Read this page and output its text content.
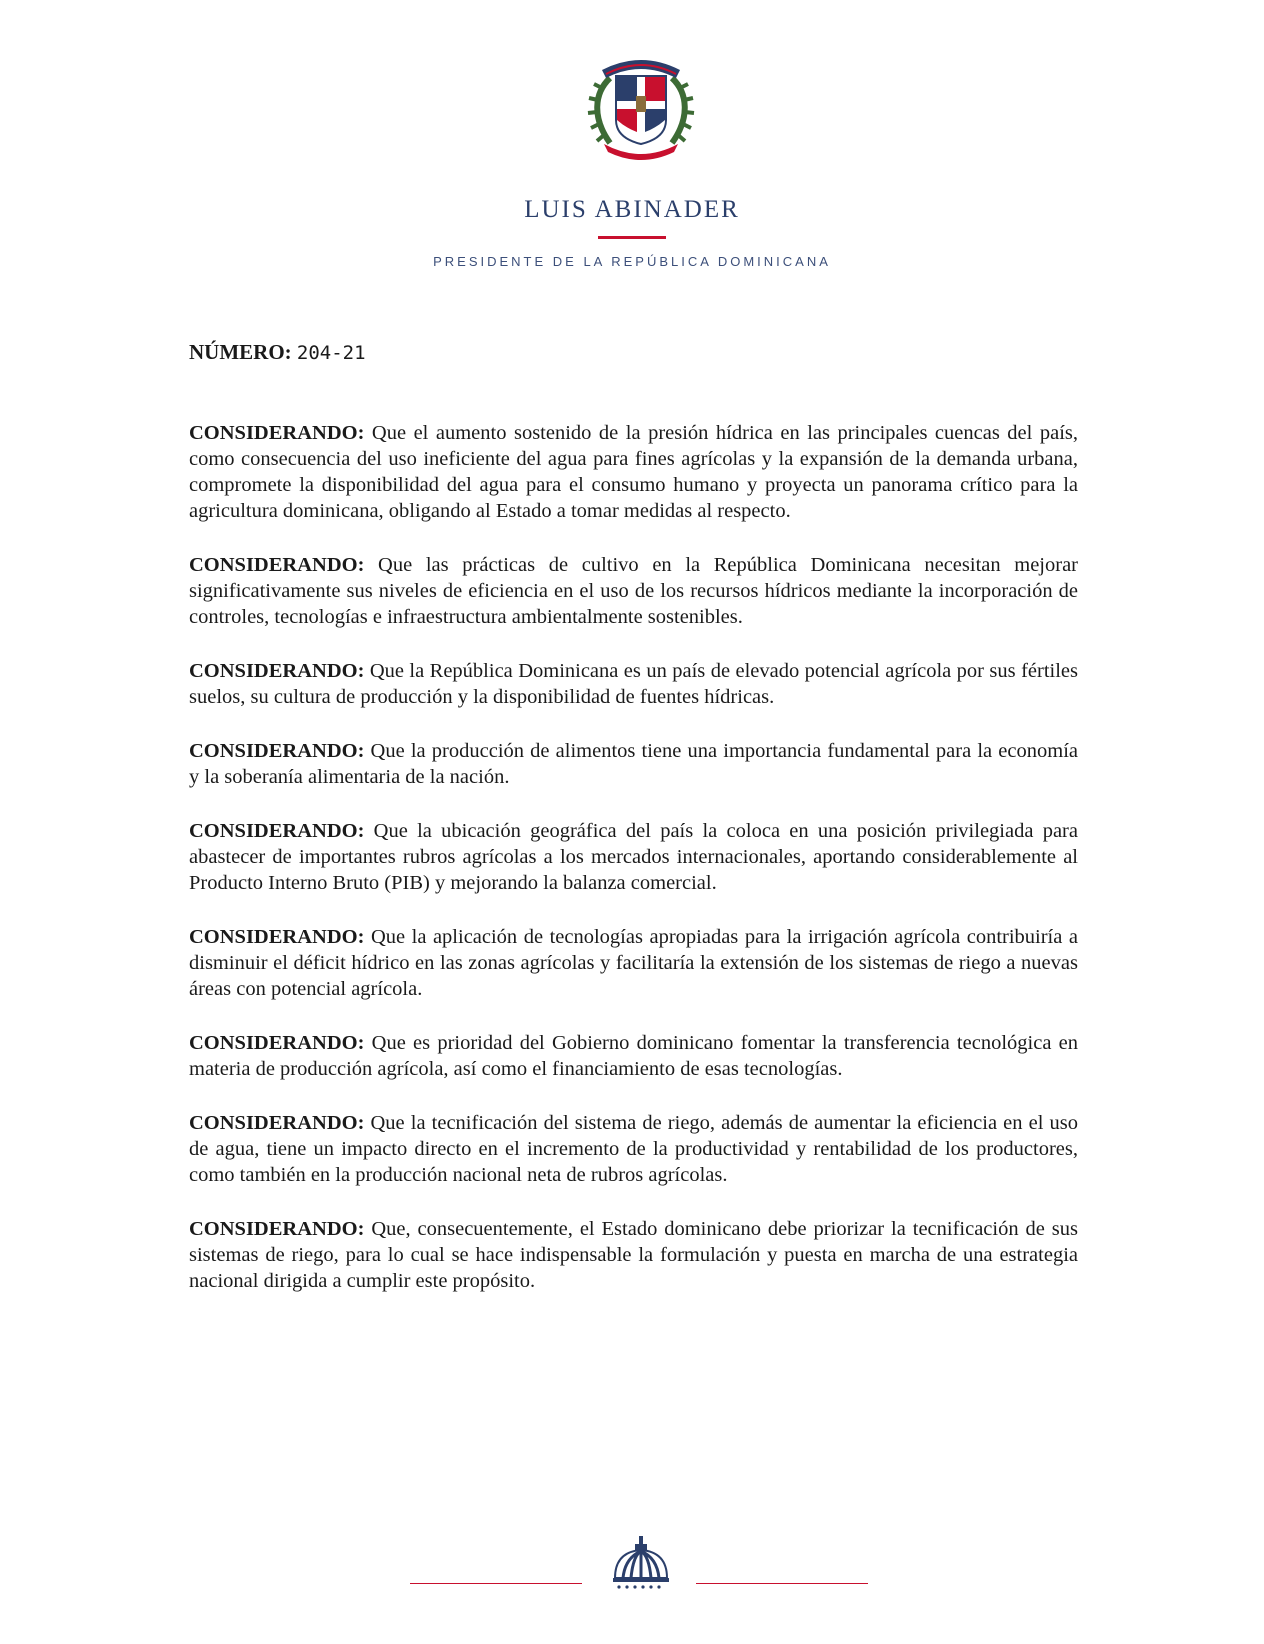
LUIS ABINADER
PRESIDENTE DE LA REPÚBLICA DOMINICANA
NÚMERO: 204-21

CONSIDERANDO: Que el aumento sostenido de la presión hídrica en las principales cuencas del país, como consecuencia del uso ineficiente del agua para fines agrícolas y la expansión de la demanda urbana, compromete la disponibilidad del agua para el consumo humano y proyecta un panorama crítico para la agricultura dominicana, obligando al Estado a tomar medidas al respecto.

CONSIDERANDO: Que las prácticas de cultivo en la República Dominicana necesitan mejorar significativamente sus niveles de eficiencia en el uso de los recursos hídricos mediante la incorporación de controles, tecnologías e infraestructura ambientalmente sostenibles.

CONSIDERANDO: Que la República Dominicana es un país de elevado potencial agrícola por sus fértiles suelos, su cultura de producción y la disponibilidad de fuentes hídricas.

CONSIDERANDO: Que la producción de alimentos tiene una importancia fundamental para la economía y la soberanía alimentaria de la nación.

CONSIDERANDO: Que la ubicación geográfica del país la coloca en una posición privilegiada para abastecer de importantes rubros agrícolas a los mercados internacionales, aportando considerablemente al Producto Interno Bruto (PIB) y mejorando la balanza comercial.

CONSIDERANDO: Que la aplicación de tecnologías apropiadas para la irrigación agrícola contribuiría a disminuir el déficit hídrico en las zonas agrícolas y facilitaría la extensión de los sistemas de riego a nuevas áreas con potencial agrícola.

CONSIDERANDO: Que es prioridad del Gobierno dominicano fomentar la transferencia tecnológica en materia de producción agrícola, así como el financiamiento de esas tecnologías.

CONSIDERANDO: Que la tecnificación del sistema de riego, además de aumentar la eficiencia en el uso de agua, tiene un impacto directo en el incremento de la productividad y rentabilidad de los productores, como también en la producción nacional neta de rubros agrícolas.

CONSIDERANDO: Que, consecuentemente, el Estado dominicano debe priorizar la tecnificación de sus sistemas de riego, para lo cual se hace indispensable la formulación y puesta en marcha de una estrategia nacional dirigida a cumplir este propósito.
